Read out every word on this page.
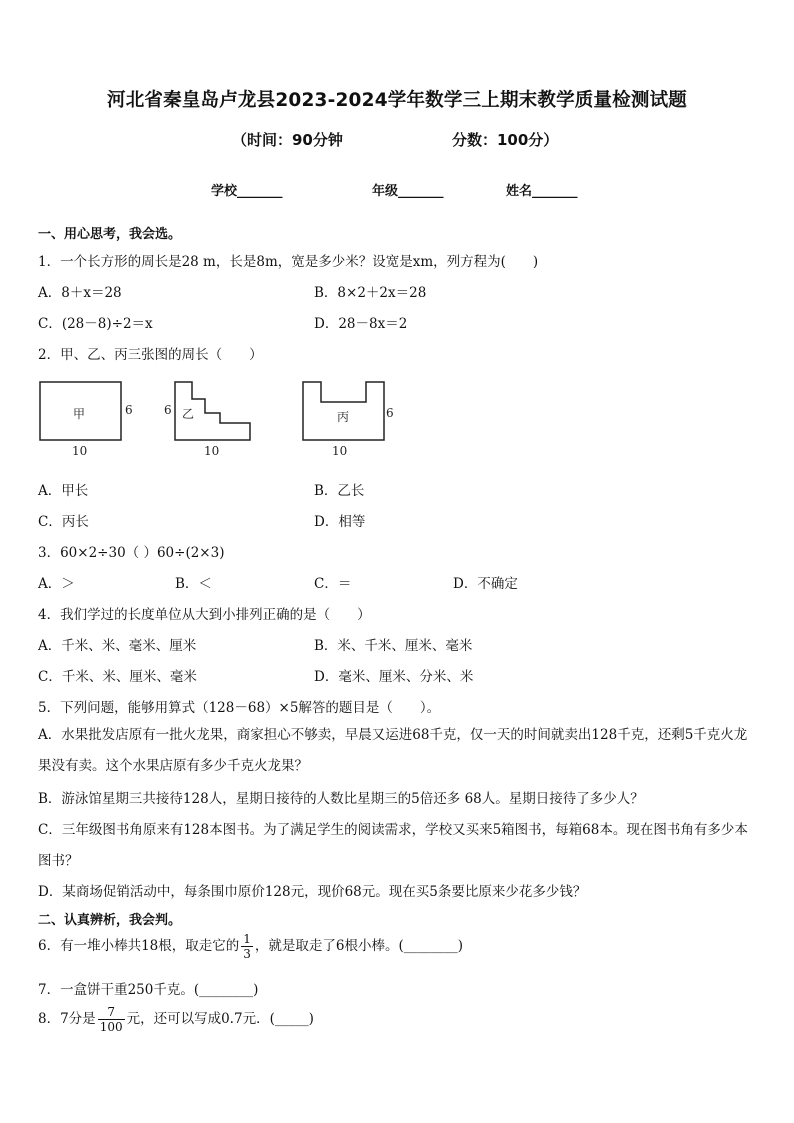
河北省秦皇岛卢龙县2023-2024学年数学三上期末教学质量检测试题
（时间：90分钟	分数：100分）
学校_______	年级_______	姓名_______
一、用心思考，我会选。
1．一个长方形的周长是28 m，长是8m，宽是多少米？设宽是xm，列方程为(　　)
A．8＋x＝28	B．8×2＋2x＝28
C．(28－8)÷2＝x	D．28－8x＝2
2．甲、乙、丙三张图的周长（　　）
甲	6
10
乙
6
10
丙	6
10
A．甲长	B．乙长
C．丙长	D．相等
3．60×2÷30（ ）60÷(2×3)
A．＞	B．＜	C．＝	D．不确定
4．我们学过的长度单位从大到小排列正确的是（　　）
A．千米、米、毫米、厘米	B．米、千米、厘米、毫米
C．千米、米、厘米、毫米	D．毫米、厘米、分米、米
5．下列问题，能够用算式（128－68）×5解答的题目是（　　）。
A．水果批发店原有一批火龙果，商家担心不够卖，早晨又运进68千克，仅一天的时间就卖出128千克，还剩5千克火龙果没有卖。这个水果店原有多少千克火龙果？
B．游泳馆星期三共接待128人，星期日接待的人数比星期三的5倍还多 68人。星期日接待了多少人？
C．三年级图书角原来有128本图书。为了满足学生的阅读需求，学校又买来5箱图书，每箱68本。现在图书角有多少本图书？
D．某商场促销活动中，每条围巾原价128元，现价68元。现在买5条要比原来少花多少钱？
二、认真辨析，我会判。
6．有一堆小棒共18根，取走它的 $\frac{1}{3}$ ，就是取走了6根小棒。(________)
7．一盒饼干重250千克。(________)
8．7分是 $\frac{7}{100}$ 元，还可以写成0.7元．(_____)
